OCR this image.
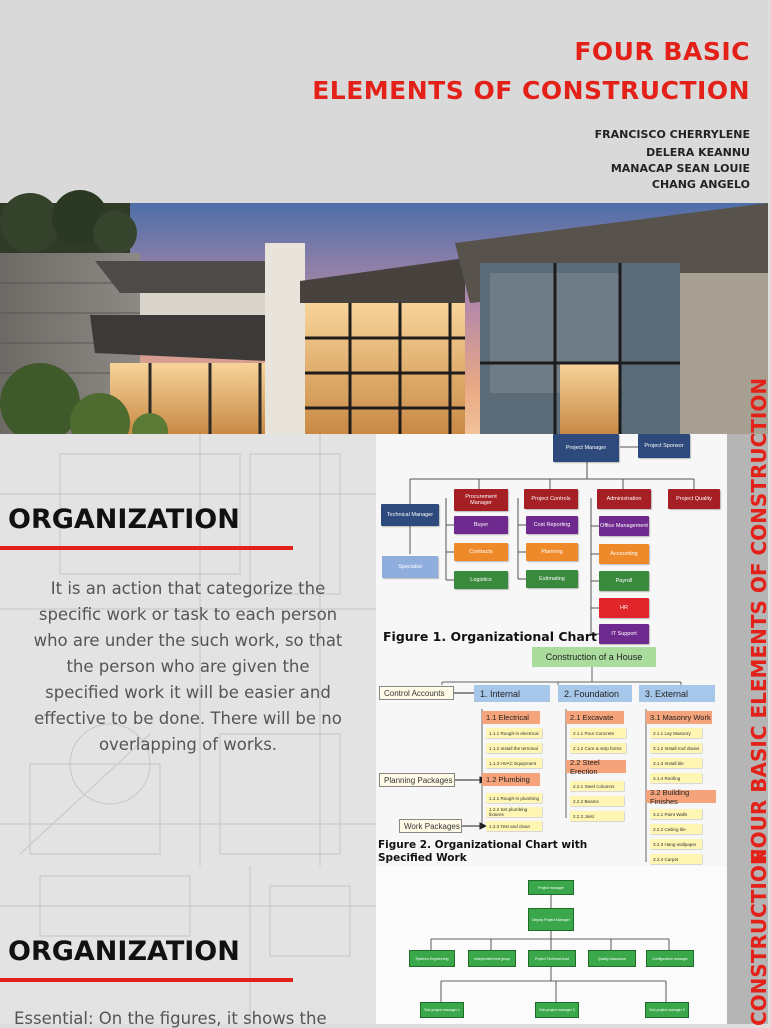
FOUR BASIC
ELEMENTS OF CONSTRUCTION
FRANCISCO CHERRYLENE
DELERA KEANNU
MANACAP SEAN LOUIE
CHANG ANGELO
ORGANIZATION
It is an action that categorize the
specific work or task to each person
who are under the such work, so that
the person who are given the
specified work it will be easier and
effective to be done. There will be no
overlapping of works.
ORGANIZATION
Essential: On the figures, it shows the
Project Manager	Project Sponsor
Technical Manager
Specialist
Procurement Manager
Buyer
Contracts
Logistics
Project Controls
Cost Reporting
Planning
Estimating
Administration
Office Management
Accounting
Payroll
HR
IT Support
Project Quality
Figure 1. Organizational Chart
Construction of a House
Control Accounts
Planning Packages
Work Packages
1. Internal	2. Foundation	3. External
1.1 Electrical
1.1.1 Rough-in electrical
1.1.2 Install the terminal
1.1.3 HVAC Equipment
1.2 Plumbing
1.2.1 Rough-in plumbing
1.2.2 Set plumbing fixtures
1.2.3 Test and clean
2.1 Excavate
2.1.1 Pour Concrete
2.1.2 Cure & strip forms
2.2 Steel Erection
2.2.1 Steel Columns
2.2.2 Beams
2.2.3 Joist
3.1 Masonry Work
3.1.1 Lay Masonry
3.1.2 Install roof drains
3.1.3 Install tile
3.1.4 Roofing
3.2 Building Finishes
3.2.1 Paint Walls
3.2.2 Ceiling tile
3.2.3 Hang wallpaper
3.2.4 Carpet
Figure 2. Organizational Chart with
Specified Work
Project manager
Deputy Project Manager
Systems Engineering	Independent test group	Project Technical lead	Quality Assurance	Configuration manager
Sub-project manager 1	Sub-project manager 2	Sub-project manager 3
FOUR BASIC ELEMENTS OF CONSTRUCTION
CONSTRUCTION
